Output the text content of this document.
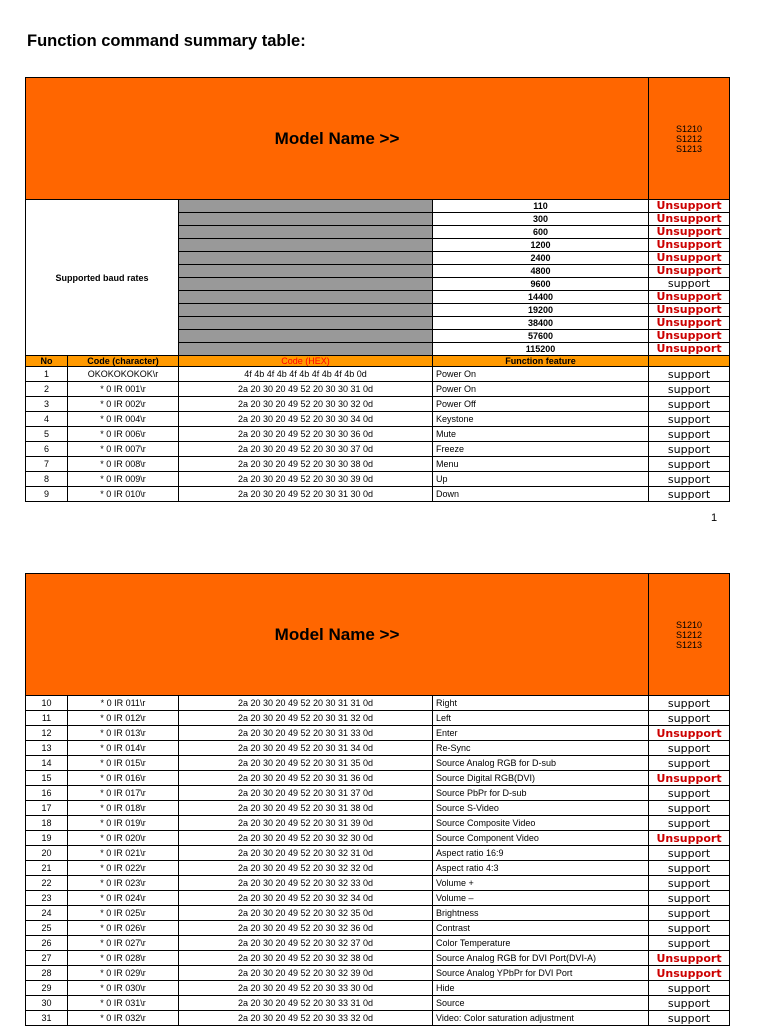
Function command summary table:
Model Name >>				S1210
S1212
S1213

Supported baud rates			110	Unsupport
			300	Unsupport
			600	Unsupport
			1200	Unsupport
			2400	Unsupport
			4800	Unsupport
			9600	support
			14400	Unsupport
			19200	Unsupport
			38400	Unsupport
			57600	Unsupport
			115200	Unsupport
No	Code (character)	Code (HEX)	Function feature	
1	OKOKOKOKOK\r	4f 4b 4f 4b 4f 4b 4f 4b 4f 4b 0d	Power On	support
2	* 0 IR 001\r	2a 20 30 20 49 52 20 30 30 31 0d	Power On	support
3	* 0 IR 002\r	2a 20 30 20 49 52 20 30 30 32 0d	Power Off	support
4	* 0 IR 004\r	2a 20 30 20 49 52 20 30 30 34 0d	Keystone	support
5	* 0 IR 006\r	2a 20 30 20 49 52 20 30 30 36 0d	Mute	support
6	* 0 IR 007\r	2a 20 30 20 49 52 20 30 30 37 0d	Freeze	support
7	* 0 IR 008\r	2a 20 30 20 49 52 20 30 30 38 0d	Menu	support
8	* 0 IR 009\r	2a 20 30 20 49 52 20 30 30 39 0d	Up	support
9	* 0 IR 010\r	2a 20 30 20 49 52 20 30 31 30 0d	Down	support
1
Model Name >>				S1210
S1212
S1213

10	* 0 IR 011\r	2a 20 30 20 49 52 20 30 31 31 0d	Right	support
11	* 0 IR 012\r	2a 20 30 20 49 52 20 30 31 32 0d	Left	support
12	* 0 IR 013\r	2a 20 30 20 49 52 20 30 31 33 0d	Enter	Unsupport
13	* 0 IR 014\r	2a 20 30 20 49 52 20 30 31 34 0d	Re-Sync	support
14	* 0 IR 015\r	2a 20 30 20 49 52 20 30 31 35 0d	Source Analog RGB for D-sub	support
15	* 0 IR 016\r	2a 20 30 20 49 52 20 30 31 36 0d	Source Digital RGB(DVI)	Unsupport
16	* 0 IR 017\r	2a 20 30 20 49 52 20 30 31 37 0d	Source PbPr for D-sub	support
17	* 0 IR 018\r	2a 20 30 20 49 52 20 30 31 38 0d	Source S-Video	support
18	* 0 IR 019\r	2a 20 30 20 49 52 20 30 31 39 0d	Source Composite Video	support
19	* 0 IR 020\r	2a 20 30 20 49 52 20 30 32 30 0d	Source Component Video	Unsupport
20	* 0 IR 021\r	2a 20 30 20 49 52 20 30 32 31 0d	Aspect ratio 16:9	support
21	* 0 IR 022\r	2a 20 30 20 49 52 20 30 32 32 0d	Aspect ratio 4:3	support
22	* 0 IR 023\r	2a 20 30 20 49 52 20 30 32 33 0d	Volume +	support
23	* 0 IR 024\r	2a 20 30 20 49 52 20 30 32 34 0d	Volume –	support
24	* 0 IR 025\r	2a 20 30 20 49 52 20 30 32 35 0d	Brightness	support
25	* 0 IR 026\r	2a 20 30 20 49 52 20 30 32 36 0d	Contrast	support
26	* 0 IR 027\r	2a 20 30 20 49 52 20 30 32 37 0d	Color Temperature	support
27	* 0 IR 028\r	2a 20 30 20 49 52 20 30 32 38 0d	Source Analog RGB for DVI Port(DVI-A)	Unsupport
28	* 0 IR 029\r	2a 20 30 20 49 52 20 30 32 39 0d	Source Analog YPbPr for DVI Port	Unsupport
29	* 0 IR 030\r	2a 20 30 20 49 52 20 30 33 30 0d	Hide	support
30	* 0 IR 031\r	2a 20 30 20 49 52 20 30 33 31 0d	Source	support
31	* 0 IR 032\r	2a 20 30 20 49 52 20 30 33 32 0d	Video: Color saturation adjustment	support
